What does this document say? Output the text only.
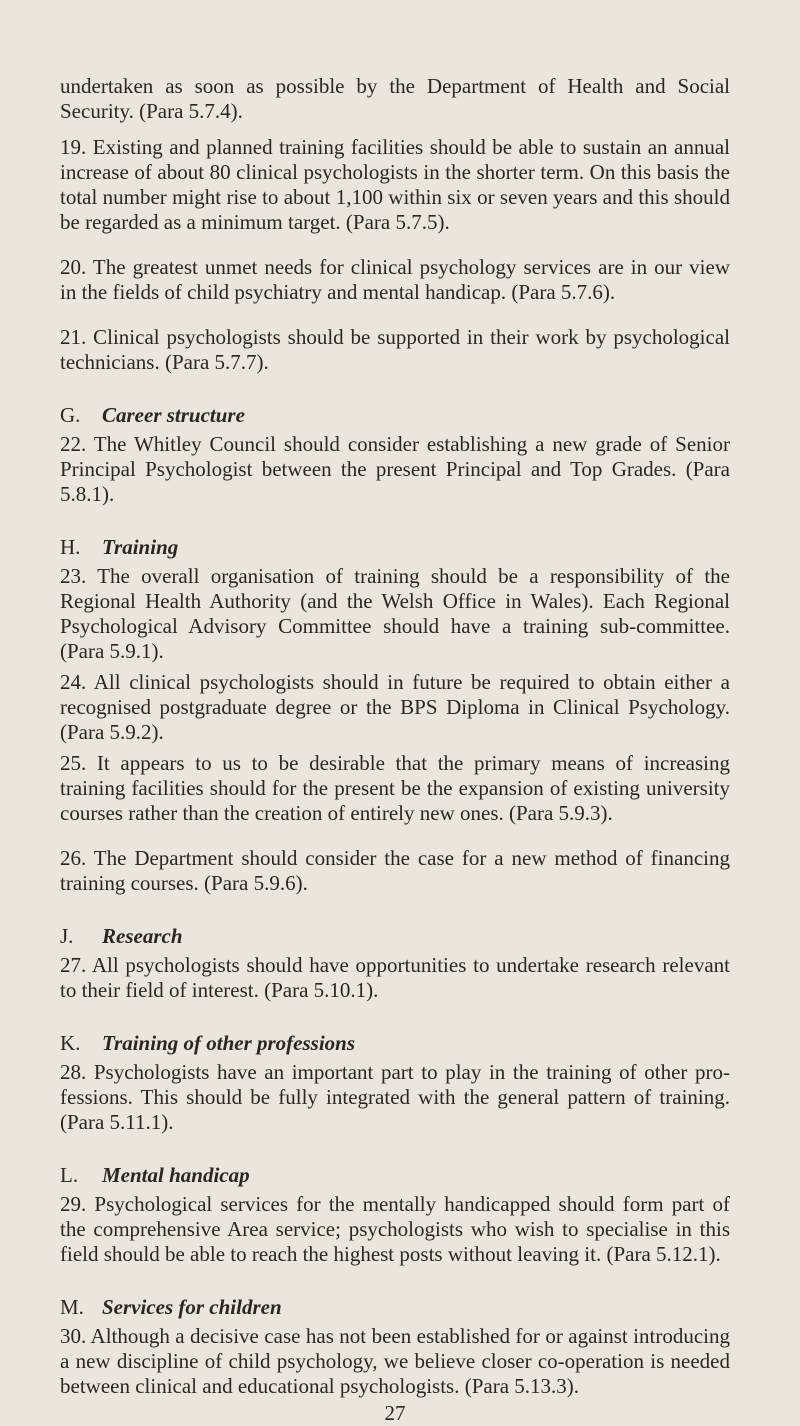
undertaken as soon as possible by the Department of Health and Social Security. (Para 5.7.4).

19. Existing and planned training facilities should be able to sustain an annual increase of about 80 clinical psychologists in the shorter term. On this basis the total number might rise to about 1,100 within six or seven years and this should be regarded as a minimum target. (Para 5.7.5).

20. The greatest unmet needs for clinical psychology services are in our view in the fields of child psychiatry and mental handicap. (Para 5.7.6).

21. Clinical psychologists should be supported in their work by psychological technicians. (Para 5.7.7).

G. Career structure

22. The Whitley Council should consider establishing a new grade of Senior Principal Psychologist between the present Principal and Top Grades. (Para 5.8.1).

H. Training

23. The overall organisation of training should be a responsibility of the Regional Health Authority (and the Welsh Office in Wales). Each Regional Psychological Advisory Committee should have a training sub-committee. (Para 5.9.1).

24. All clinical psychologists should in future be required to obtain either a recognised postgraduate degree or the BPS Diploma in Clinical Psychology. (Para 5.9.2).

25. It appears to us to be desirable that the primary means of increasing training facilities should for the present be the expansion of existing university courses rather than the creation of entirely new ones. (Para 5.9.3).

26. The Department should consider the case for a new method of financing training courses. (Para 5.9.6).

J. Research

27. All psychologists should have opportunities to undertake research relevant to their field of interest. (Para 5.10.1).

K. Training of other professions

28. Psychologists have an important part to play in the training of other pro-fessions. This should be fully integrated with the general pattern of training. (Para 5.11.1).

L. Mental handicap

29. Psychological services for the mentally handicapped should form part of the comprehensive Area service; psychologists who wish to specialise in this field should be able to reach the highest posts without leaving it. (Para 5.12.1).

M. Services for children

30. Although a decisive case has not been established for or against introducing a new discipline of child psychology, we believe closer co-operation is needed between clinical and educational psychologists. (Para 5.13.3).

27
